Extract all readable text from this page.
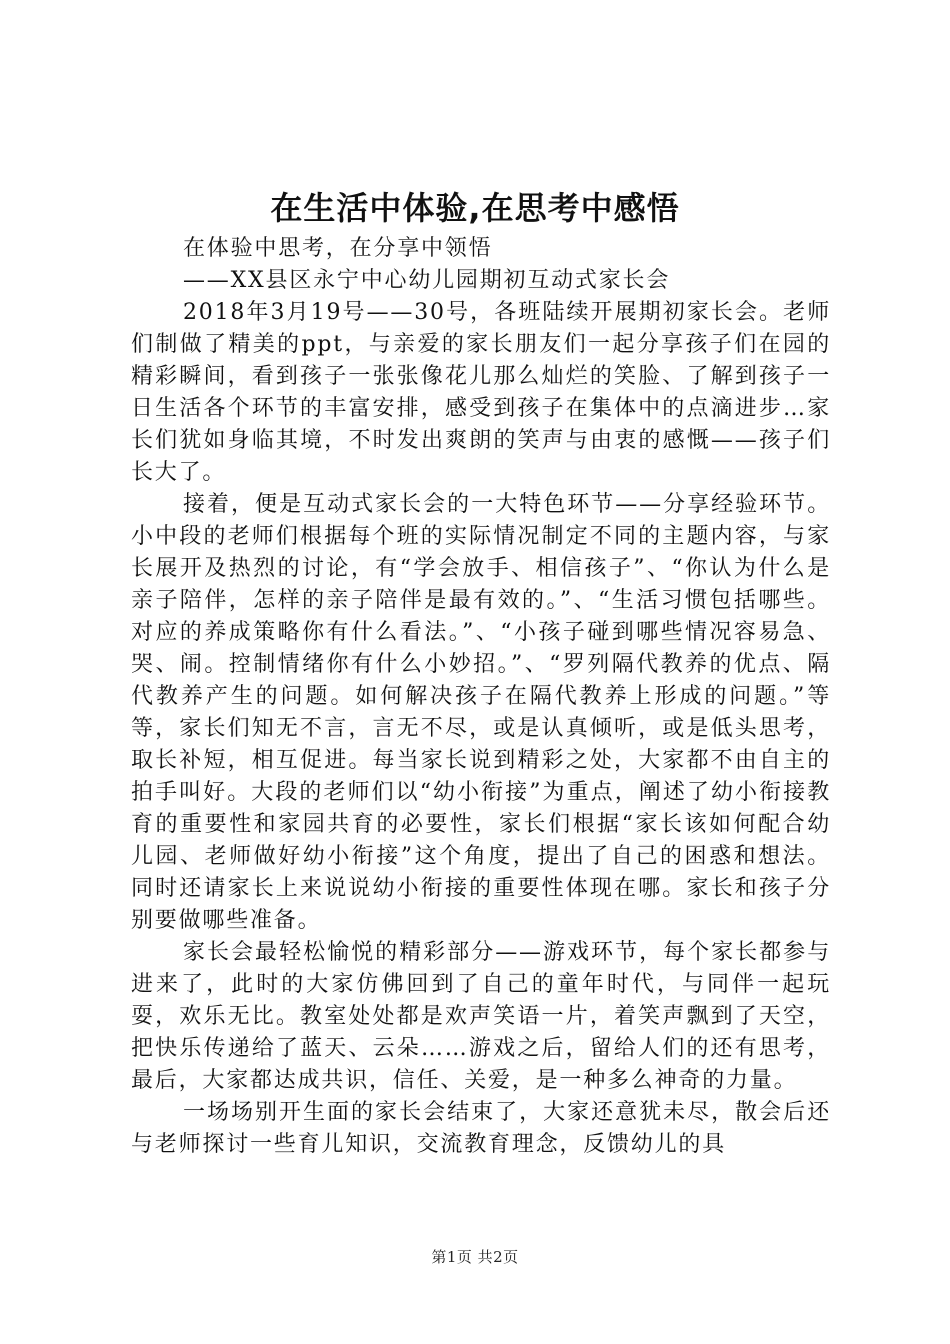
在生活中体验,在思考中感悟

在体验中思考，在分享中领悟

——XX县区永宁中心幼儿园期初互动式家长会

2018年3月19号——30号，各班陆续开展期初家长会。老师们制做了精美的ppt，与亲爱的家长朋友们一起分享孩子们在园的精彩瞬间，看到孩子一张张像花儿那么灿烂的笑脸、了解到孩子一日生活各个环节的丰富安排，感受到孩子在集体中的点滴进步…家长们犹如身临其境，不时发出爽朗的笑声与由衷的感慨——孩子们长大了。

接着，便是互动式家长会的一大特色环节——分享经验环节。小中段的老师们根据每个班的实际情况制定不同的主题内容，与家长展开及热烈的讨论，有“学会放手、相信孩子”、“你认为什么是亲子陪伴，怎样的亲子陪伴是最有效的。”、“生活习惯包括哪些。对应的养成策略你有什么看法。”、“小孩子碰到哪些情况容易急、哭、闹。控制情绪你有什么小妙招。”、“罗列隔代教养的优点、隔代教养产生的问题。如何解决孩子在隔代教养上形成的问题。”等等，家长们知无不言，言无不尽，或是认真倾听，或是低头思考，取长补短，相互促进。每当家长说到精彩之处，大家都不由自主的拍手叫好。大段的老师们以“幼小衔接”为重点，阐述了幼小衔接教育的重要性和家园共育的必要性，家长们根据“家长该如何配合幼儿园、老师做好幼小衔接”这个角度，提出了自己的困惑和想法。同时还请家长上来说说幼小衔接的重要性体现在哪。家长和孩子分别要做哪些准备。

家长会最轻松愉悦的精彩部分——游戏环节，每个家长都参与进来了，此时的大家仿佛回到了自己的童年时代，与同伴一起玩耍，欢乐无比。教室处处都是欢声笑语一片，着笑声飘到了天空，把快乐传递给了蓝天、云朵……游戏之后，留给人们的还有思考，最后，大家都达成共识，信任、关爱，是一种多么神奇的力量。

一场场别开生面的家长会结束了，大家还意犹未尽，散会后还与老师探讨一些育儿知识，交流教育理念，反馈幼儿的具

第1页 共2页
